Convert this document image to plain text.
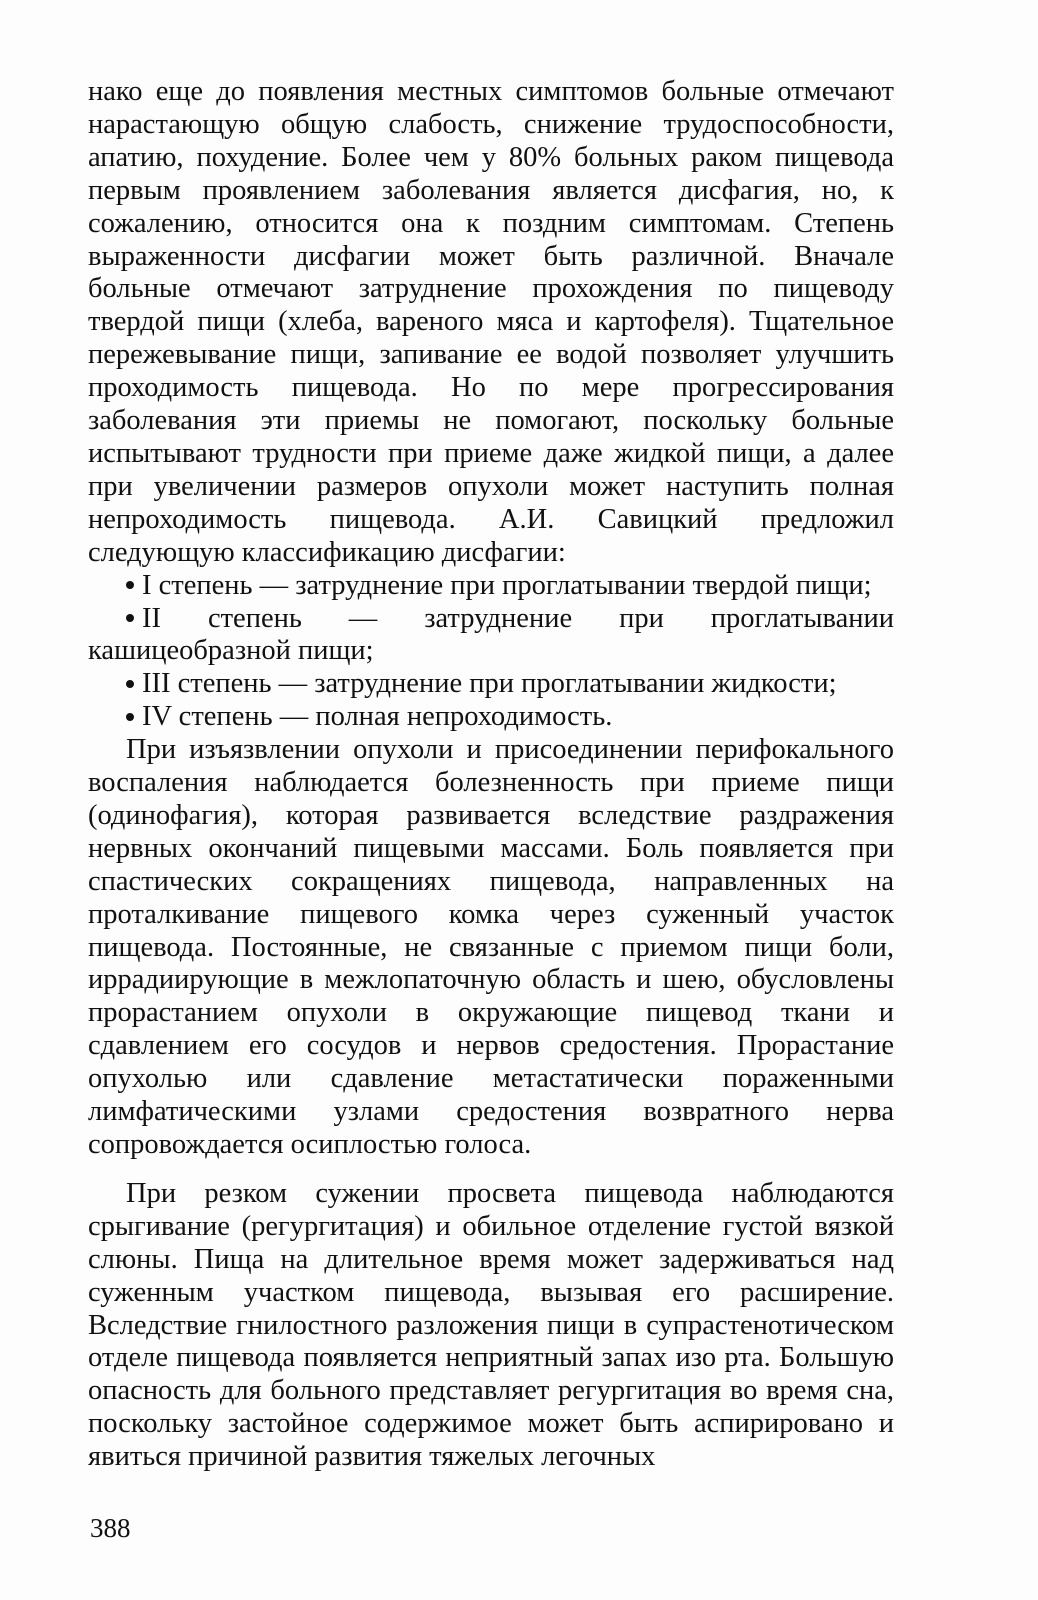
нако еще до появления местных симптомов больные отмечают нарастающую общую слабость, снижение трудоспособности, апатию, похудение. Более чем у 80% больных раком пищевода первым проявлением заболевания является дисфагия, но, к сожалению, относится она к поздним симптомам. Степень выраженности дисфагии может быть различной. Вначале больные отмечают затруднение прохождения по пищеводу твердой пищи (хлеба, вареного мяса и картофеля). Тщательное пережевывание пищи, запивание ее водой позволяет улучшить проходимость пищевода. Но по мере прогрессирования заболевания эти приемы не помогают, поскольку больные испытывают трудности при приеме даже жидкой пищи, а далее при увеличении размеров опухоли может наступить полная непроходимость пищевода. А.И. Савицкий предложил следующую классификацию дисфагии:

I степень — затруднение при проглатывании твердой пищи;
II степень — затруднение при проглатывании кашицеобразной пищи;
III степень — затруднение при проглатывании жидкости;
IV степень — полная непроходимость.

При изъязвлении опухоли и присоединении перифокального воспаления наблюдается болезненность при приеме пищи (одинофагия), которая развивается вследствие раздражения нервных окончаний пищевыми массами. Боль появляется при спастических сокращениях пищевода, направленных на проталкивание пищевого комка через суженный участок пищевода. Постоянные, не связанные с приемом пищи боли, иррадиирующие в межлопаточную область и шею, обусловлены прорастанием опухоли в окружающие пищевод ткани и сдавлением его сосудов и нервов средостения. Прорастание опухолью или сдавление метастатически пораженными лимфатическими узлами средостения возвратного нерва сопровождается осиплостью голоса.

При резком сужении просвета пищевода наблюдаются срыгивание (регургитация) и обильное отделение густой вязкой слюны. Пища на длительное время может задерживаться над суженным участком пищевода, вызывая его расширение. Вследствие гнилостного разложения пищи в супрастенотическом отделе пищевода появляется неприятный запах изо рта. Большую опасность для больного представляет регургитация во время сна, поскольку застойное содержимое может быть аспирировано и явиться причиной развития тяжелых легочных

388
